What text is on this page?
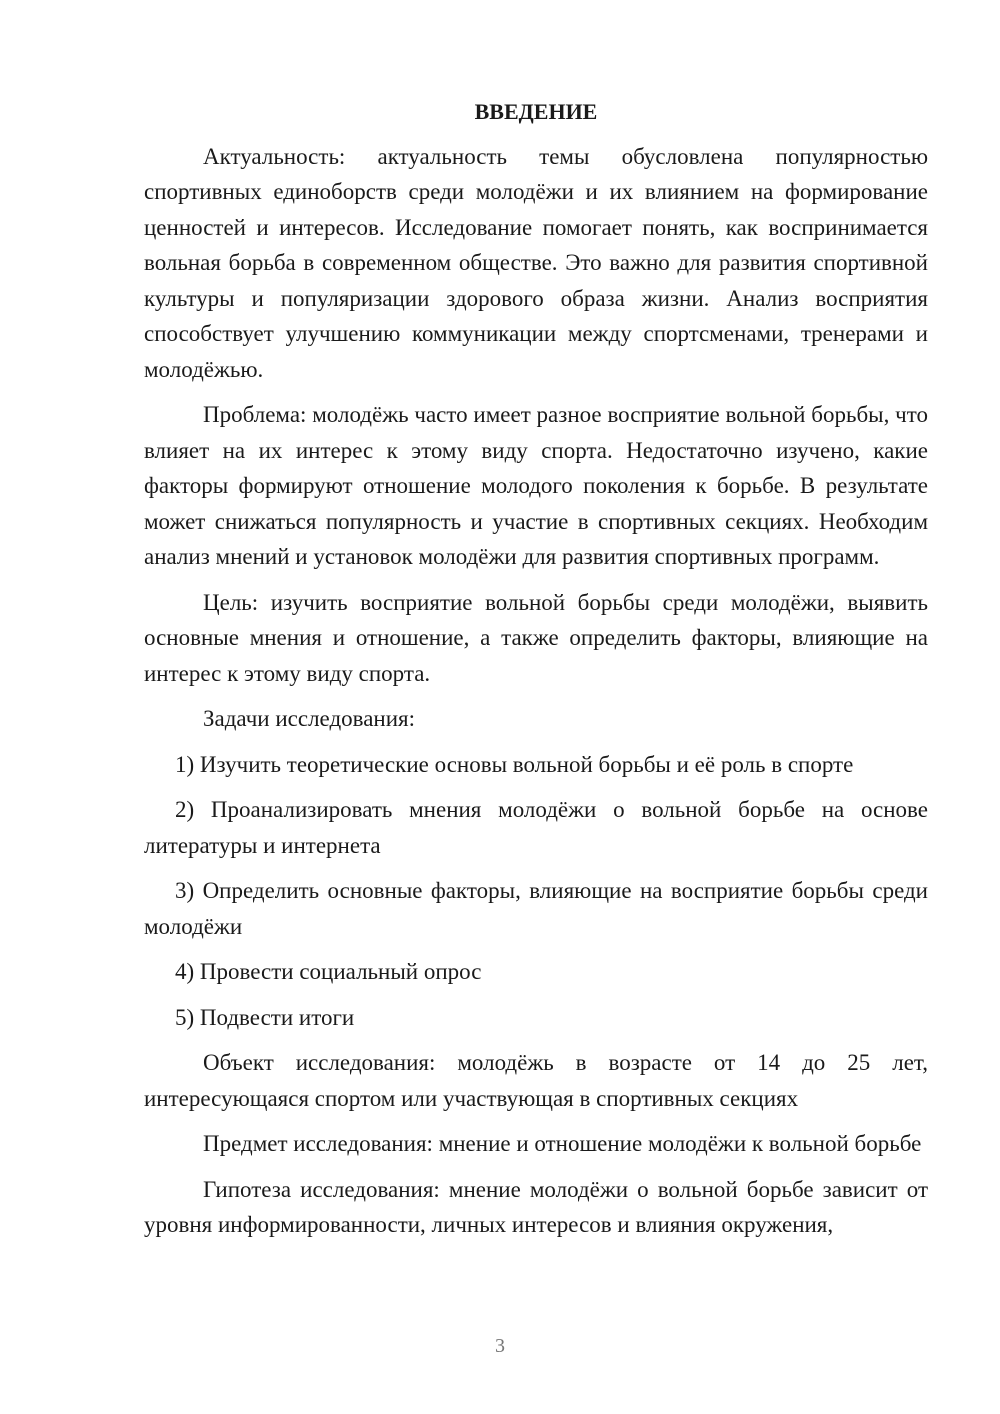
ВВЕДЕНИЕ

Актуальность: актуальность темы обусловлена популярностью спортивных единоборств среди молодёжи и их влиянием на формирование ценностей и интересов. Исследование помогает понять, как воспринимается вольная борьба в современном обществе. Это важно для развития спортивной культуры и популяризации здорового образа жизни. Анализ восприятия способствует улучшению коммуникации между спортсменами, тренерами и молодёжью.

Проблема: молодёжь часто имеет разное восприятие вольной борьбы, что влияет на их интерес к этому виду спорта. Недостаточно изучено, какие факторы формируют отношение молодого поколения к борьбе. В результате может снижаться популярность и участие в спортивных секциях. Необходим анализ мнений и установок молодёжи для развития спортивных программ.

Цель: изучить восприятие вольной борьбы среди молодёжи, выявить основные мнения и отношение, а также определить факторы, влияющие на интерес к этому виду спорта.

Задачи исследования:

1) Изучить теоретические основы вольной борьбы и её роль в спорте

2) Проанализировать мнения молодёжи о вольной борьбе на основе литературы и интернета

3) Определить основные факторы, влияющие на восприятие борьбы среди молодёжи

4) Провести социальный опрос

5) Подвести итоги

Объект исследования: молодёжь в возрасте от 14 до 25 лет, интересующаяся спортом или участвующая в спортивных секциях

Предмет исследования: мнение и отношение молодёжи к вольной борьбе

Гипотеза исследования: мнение молодёжи о вольной борьбе зависит от уровня информированности, личных интересов и влияния окружения,

3
